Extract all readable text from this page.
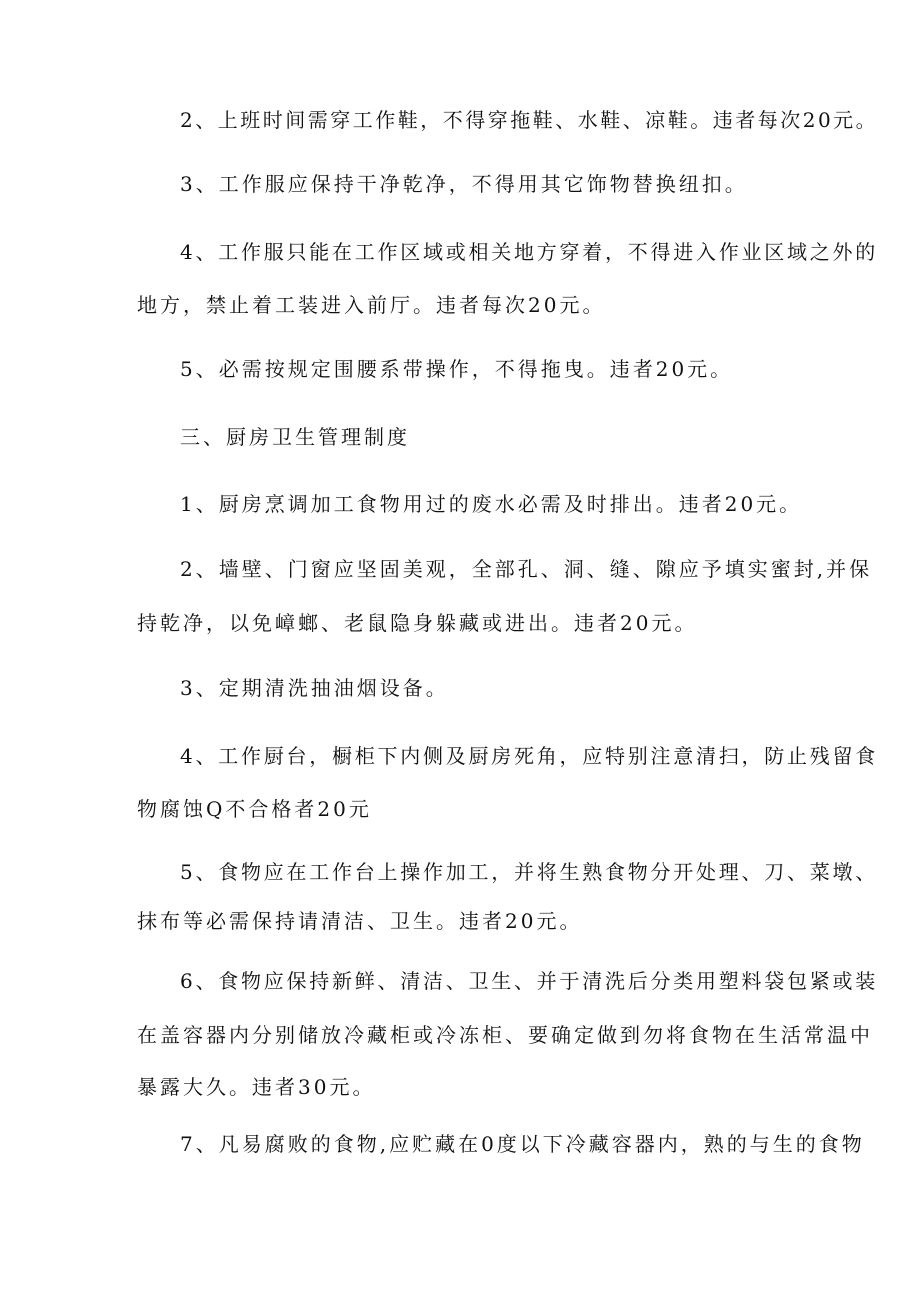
2、上班时间需穿工作鞋，不得穿拖鞋、水鞋、凉鞋。违者每次20元。
3、工作服应保持干净乾净，不得用其它饰物替换纽扣。
4、工作服只能在工作区域或相关地方穿着，不得进入作业区域之外的
地方，禁止着工装进入前厅。违者每次20元。
5、必需按规定围腰系带操作，不得拖曳。违者20元。
三、厨房卫生管理制度
1、厨房烹调加工食物用过的废水必需及时排出。违者20元。
2、墙壁、门窗应坚固美观，全部孔、洞、缝、隙应予填实蜜封,并保
持乾净，以免嶂螂、老鼠隐身躲藏或进出。违者20元。
3、定期清洗抽油烟设备。
4、工作厨台，橱柜下内侧及厨房死角，应特别注意清扫，防止残留食
物腐蚀Q不合格者20元
5、食物应在工作台上操作加工，并将生熟食物分开处理、刀、菜墩、
抹布等必需保持请清洁、卫生。违者20元。
6、食物应保持新鲜、清洁、卫生、并于清洗后分类用塑料袋包紧或装
在盖容器内分别储放冷藏柜或冷冻柜、要确定做到勿将食物在生活常温中
暴露大久。违者30元。
7、凡易腐败的食物,应贮藏在0度以下冷藏容器内，熟的与生的食物
